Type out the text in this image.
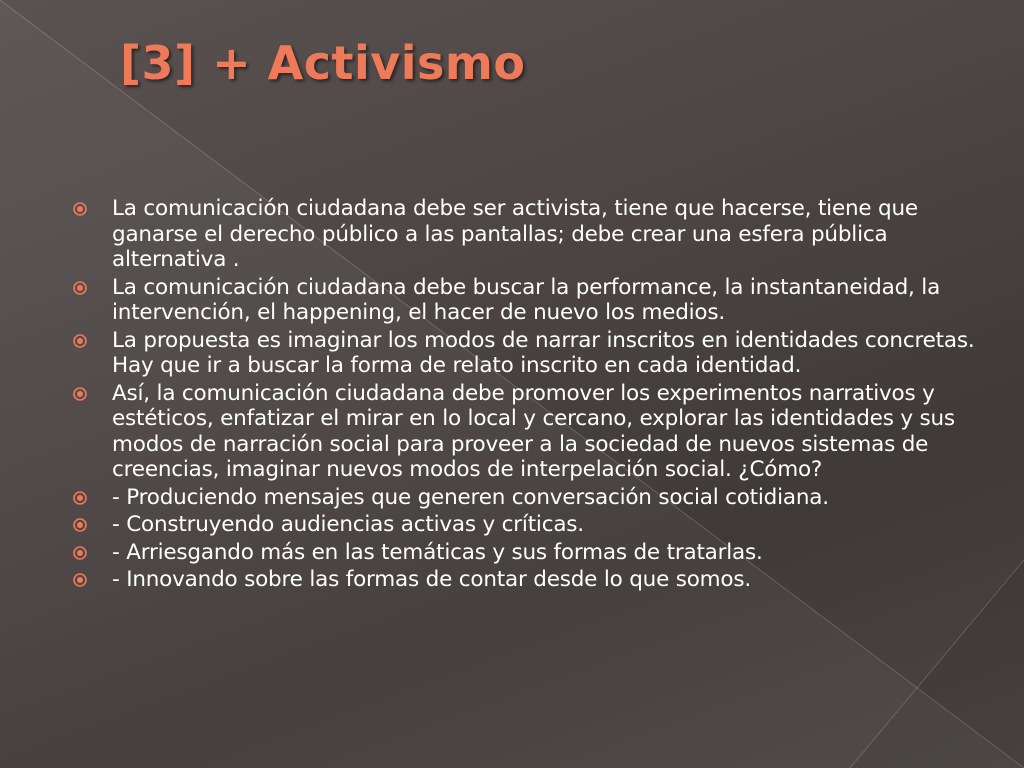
[3] + Activismo
La comunicación ciudadana debe ser activista, tiene que hacerse, tiene que ganarse el derecho público a las pantallas; debe crear una esfera pública alternativa .
La comunicación ciudadana debe buscar la performance, la instantaneidad, la intervención, el happening, el hacer de nuevo los medios.
La propuesta es imaginar los modos de narrar inscritos en identidades concretas. Hay que ir a buscar la forma de relato inscrito en cada identidad.
Así, la comunicación ciudadana debe promover los experimentos narrativos y estéticos, enfatizar el mirar en lo local y cercano, explorar las identidades y sus modos de narración social para proveer a la sociedad de nuevos sistemas de creencias, imaginar nuevos modos de interpelación social. ¿Cómo?
- Produciendo mensajes que generen conversación social cotidiana.
- Construyendo audiencias activas y críticas.
- Arriesgando más en las temáticas y sus formas de tratarlas.
- Innovando sobre las formas de contar desde lo que somos.
